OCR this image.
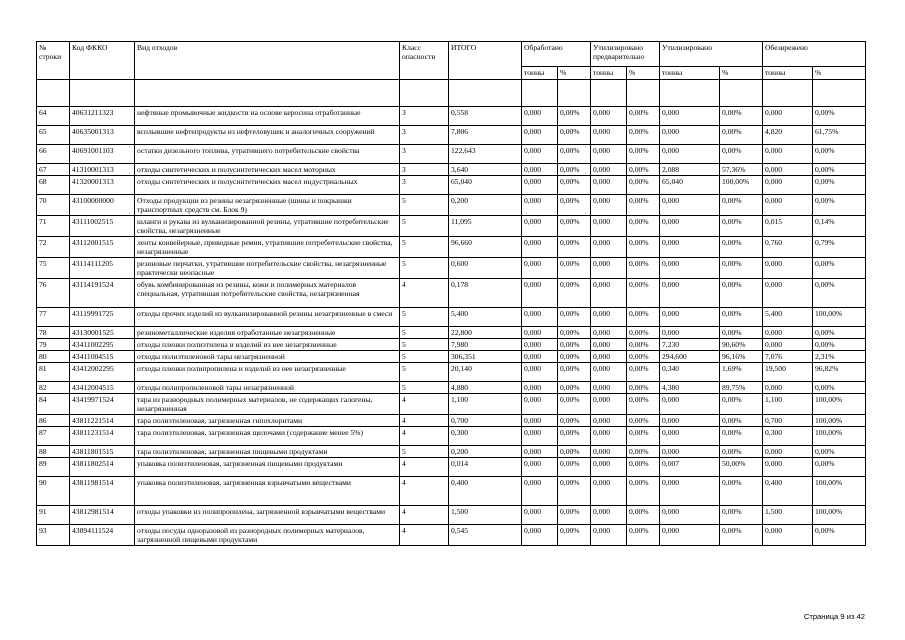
№ строки	Код ФККО	Вид отходов	Класс опасности	ИТОГО	Обработано		Утилизировано предварительно		Утилизировано		Обезврежено	
					тонны	%	тонны	%	тонны	%	тонны	%

64	40631211323	нефтяные промывочные жидкости на основе керосина отработанные	3	0,558	0,000	0,00%	0,000	0,00%	0,000	0,00%	0,000	0,00%
65	40635001313	всплывшие нефтепродукты из нефтеловушек и аналогичных сооружений	3	7,806	0,000	0,00%	0,000	0,00%	0,000	0,00%	4,820	61,75%
66	40691001103	остатки дизельного топлива, утратившего потребительские свойства	3	122,643	0,000	0,00%	0,000	0,00%	0,000	0,00%	0,000	0,00%
67	41310001313	отходы синтетических и полусинтетических масел моторных	3	3,640	0,000	0,00%	0,000	0,00%	2,088	57,36%	0,000	0,00%
68	41320001313	отходы синтетических и полусинтетических масел индустриальных	3	65,040	0,000	0,00%	0,000	0,00%	65,040	100,00%	0,000	0,00%
70	43100000000	Отходы продукции из резины незагрязненные (шины и покрышки транспортных средств см. Блок 9)	5	0,200	0,000	0,00%	0,000	0,00%	0,000	0,00%	0,000	0,00%
71	43111002515	шланги и рукава из вулканизированной резины, утратившие потребительские свойства, незагрязненные	5	11,095	0,000	0,00%	0,000	0,00%	0,000	0,00%	0,015	0,14%
72	43112001515	ленты конвейерные, приводные ремни, утратившие потребительские свойства, незагрязненные	5	96,660	0,000	0,00%	0,000	0,00%	0,000	0,00%	0,760	0,79%
75	43114111205	резиновые перчатки, утратившие потребительские свойства, незагрязненные практически неопасные	5	0,600	0,000	0,00%	0,000	0,00%	0,000	0,00%	0,000	0,00%
76	43114191524	обувь комбинированная из резины, кожи и полимерных материалов специальная, утратившая потребительские свойства, незагрязненная	4	0,178	0,000	0,00%	0,000	0,00%	0,000	0,00%	0,000	0,00%
77	43119991725	отходы прочих изделий из вулканизированной резины незагрязненные в смеси	5	5,400	0,000	0,00%	0,000	0,00%	0,000	0,00%	5,400	100,00%
78	43130001525	резинометаллические изделия отработанные незагрязненные	5	22,800	0,000	0,00%	0,000	0,00%	0,000	0,00%	0,000	0,00%
79	43411002295	отходы пленки полиэтилена и изделий из нее незагрязненные	5	7,980	0,000	0,00%	0,000	0,00%	7,230	90,60%	0,000	0,00%
80	43411004515	отходы полиэтиленовой тары незагрязненной	5	306,351	0,000	0,00%	0,000	0,00%	294,600	96,16%	7,076	2,31%
81	43412002295	отходы пленки полипропилена и изделий из нее незагрязненные	5	20,140	0,000	0,00%	0,000	0,00%	0,340	1,69%	19,500	96,82%
82	43412004515	отходы полипропиленовой тары незагрязненной	5	4,880	0,000	0,00%	0,000	0,00%	4,380	89,75%	0,000	0,00%
84	43419971524	тара из разнородных полимерных материалов, не содержащих галогены, незагрязненная	4	1,100	0,000	0,00%	0,000	0,00%	0,000	0,00%	1,100	100,00%
86	43811221514	тара полиэтиленовая, загрязненная гипохлоритами	4	0,700	0,000	0,00%	0,000	0,00%	0,000	0,00%	0,700	100,00%
87	43811231514	тара полиэтиленовая, загрязненная щелочами (содержание менее 5%)	4	0,300	0,000	0,00%	0,000	0,00%	0,000	0,00%	0,300	100,00%
88	43811801515	тара полиэтиленовая, загрязненная пищевыми продуктами	5	0,200	0,000	0,00%	0,000	0,00%	0,000	0,00%	0,000	0,00%
89	43811802514	упаковка полиэтиленовая, загрязненная пищевыми продуктами	4	0,014	0,000	0,00%	0,000	0,00%	0,007	50,00%	0,000	0,00%
90	43811981514	упаковка полиэтиленовая, загрязненная взрывчатыми веществами	4	0,400	0,000	0,00%	0,000	0,00%	0,000	0,00%	0,400	100,00%
91	43812981514	отходы упаковки из полипропилена, загрязненной взрывчатыми веществами	4	1,500	0,000	0,00%	0,000	0,00%	0,000	0,00%	1,500	100,00%
93	43894111524	отходы посуды одноразовой из разнородных полимерных материалов, загрязненной пищевыми продуктами	4	0,545	0,000	0,00%	0,000	0,00%	0,000	0,00%	0,000	0,00%
Страница 9 из 42
